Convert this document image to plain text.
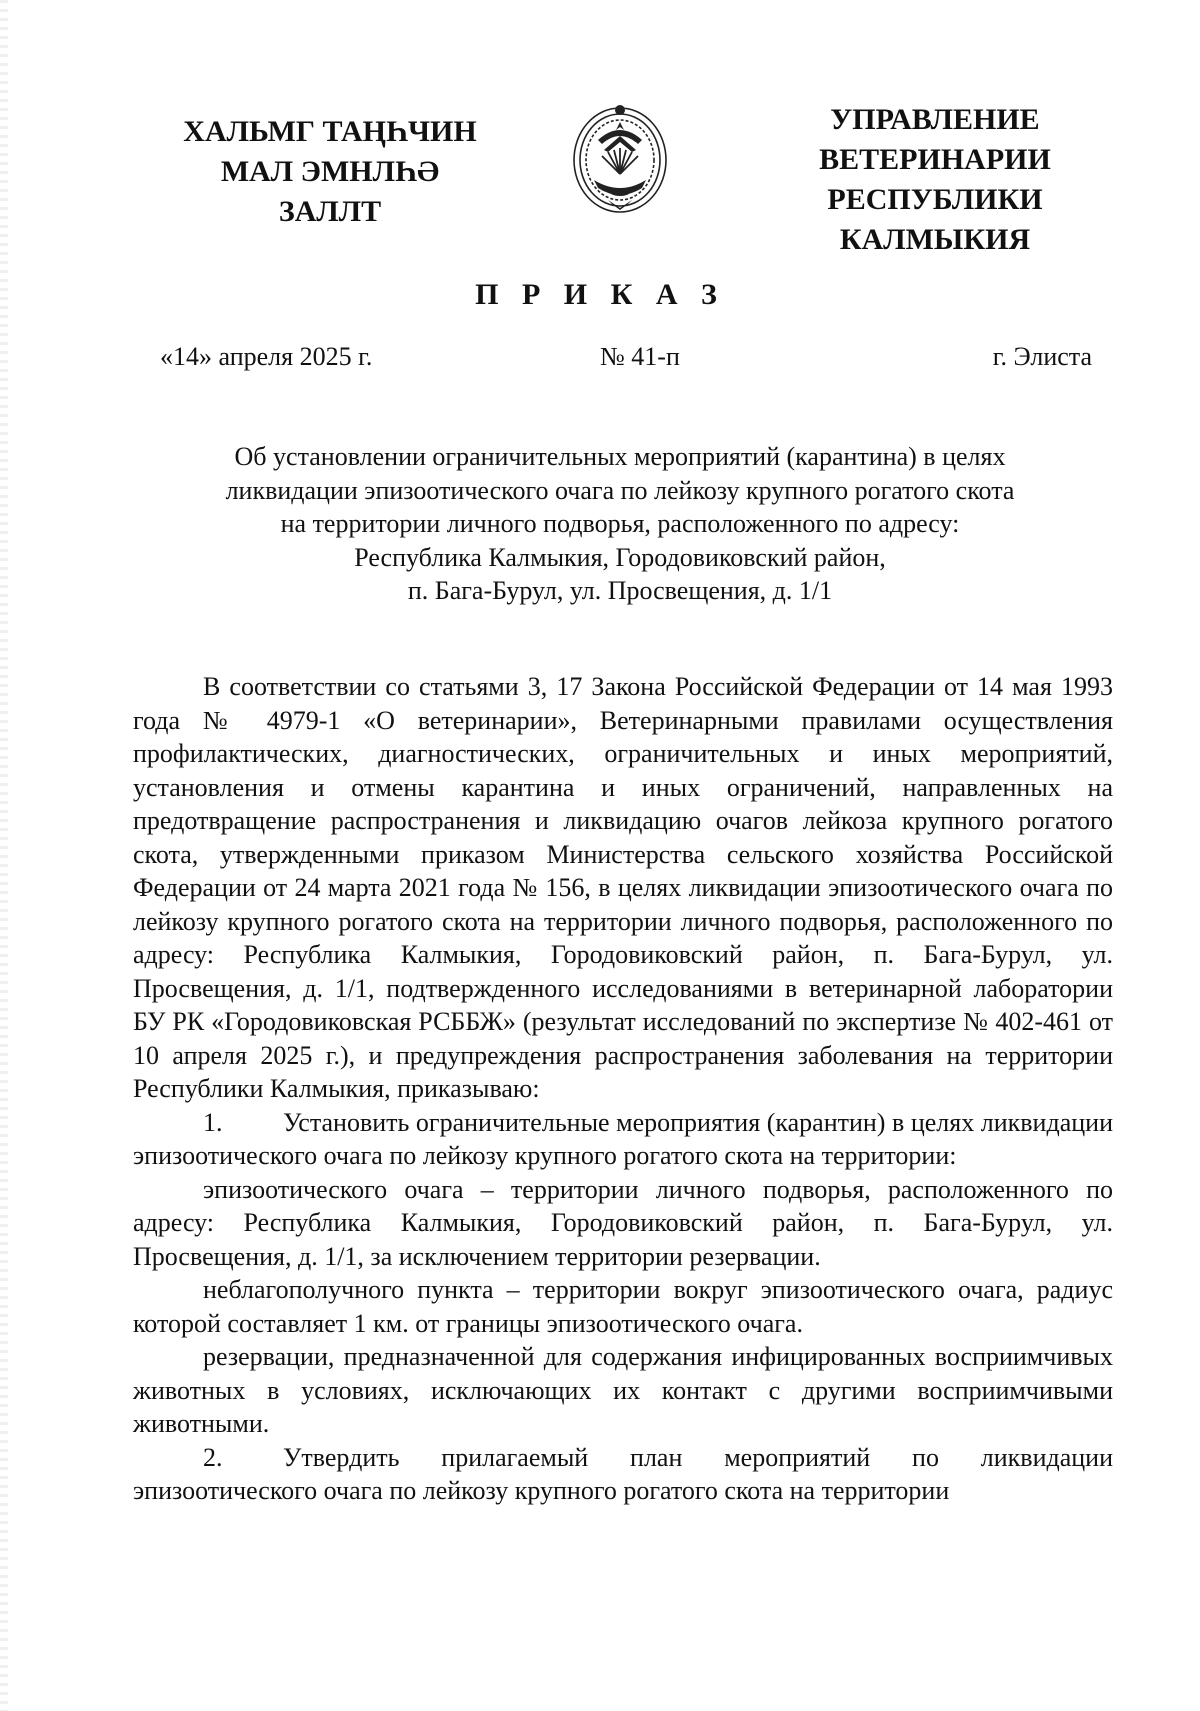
ХАЛЬМГ ТАҢҺЧИН
МАЛ ЭМНЛҺӘ
ЗАЛЛТ
УПРАВЛЕНИЕ
ВЕТЕРИНАРИИ
РЕСПУБЛИКИ
КАЛМЫКИЯ
П Р И К А З
«14» апреля 2025 г.	№ 41-п	г. Элиста
Об установлении ограничительных мероприятий (карантина) в целях
ликвидации эпизоотического очага по лейкозу крупного рогатого скота
на территории личного подворья, расположенного по адресу:
Республика Калмыкия, Городовиковский район,
п. Бага-Бурул, ул. Просвещения, д. 1/1

В соответствии со статьями 3, 17 Закона Российской Федерации от 14 мая 1993 года № 4979-1 «О ветеринарии», Ветеринарными правилами осуществления профилактических, диагностических, ограничительных и иных мероприятий, установления и отмены карантина и иных ограничений, направленных на предотвращение распространения и ликвидацию очагов лейкоза крупного рогатого скота, утвержденными приказом Министерства сельского хозяйства Российской Федерации от 24 марта 2021 года № 156, в целях ликвидации эпизоотического очага по лейкозу крупного рогатого скота на территории личного подворья, расположенного по адресу: Республика Калмыкия, Городовиковский район, п. Бага-Бурул, ул. Просвещения, д. 1/1, подтвержденного исследованиями в ветеринарной лаборатории БУ РК «Городовиковская РСББЖ» (результат исследований по экспертизе № 402-461 от 10 апреля 2025 г.), и предупреждения распространения заболевания на территории Республики Калмыкия, приказываю:

1. Установить ограничительные мероприятия (карантин) в целях ликвидации эпизоотического очага по лейкозу крупного рогатого скота на территории:

эпизоотического очага – территории личного подворья, расположенного по адресу: Республика Калмыкия, Городовиковский район, п. Бага-Бурул, ул. Просвещения, д. 1/1, за исключением территории резервации.

неблагополучного пункта – территории вокруг эпизоотического очага, радиус которой составляет 1 км. от границы эпизоотического очага.

резервации, предназначенной для содержания инфицированных восприимчивых животных в условиях, исключающих их контакт с другими восприимчивыми животными.

2. Утвердить прилагаемый план мероприятий по ликвидации эпизоотического очага по лейкозу крупного рогатого скота на территории
